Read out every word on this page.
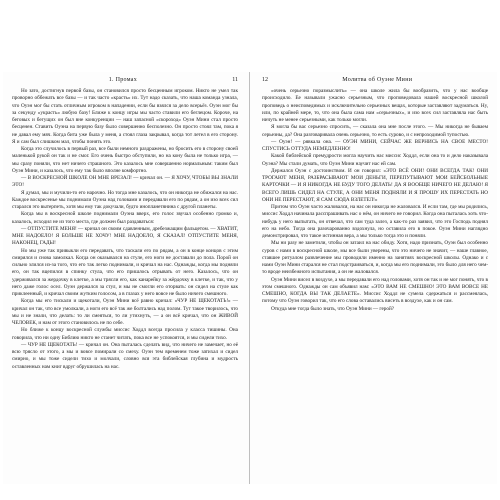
1. Промах	11

Но зато, достигнув первой базы, он становился просто бесценным игроком. Никто не умел так проворно оббежать все базы — и так часто «красть» их. Тут надо сказать, что наша команда узнала, что Оуэн мог бы стать отличным игроком в нападении, если бы взялся за дело всерьёз. Оуэн мог бы за секунду «украсть» любую базу! Ближе к концу игры мы часто ставили его беглецом. Короче, на беговых и бегущих он был вне конкуренции — наш запасной «скороход» Оуэн Мини стал просто бесценен. Ставить Оуэна на первую базу было совершенно бесполезно. Он просто стоял там, пока я не давал ему мяч. Когда бита уже была у меня, а стоял глаза закрывал, когда тот летел в его сторону. Я и сам был слишком мал, чтобы понять это.

Когда это случилось в первый раз, все были немного раздражены, но бросить его в сторону своей маленькой рукой он так и не смог. Его очень быстро обступили, но на кону была не только игра, — мы сразу поняли, что нет ничего страшного. Это казалось мне совершенно нормальным: таким был Оуэн Мини, и казалось, что ему так было вполне комфортно.

— В ВОСКРЕСНОЙ ШКОЛЕ ОН МНЕ ВРЕЗАЛ! — кричал он. — Я ХОЧУ, ЧТОБЫ ВЫ ЗНАЛИ ЭТО!

Я думал, мы и мучили-то его нарочно. Но тогда мне казалось, что он никогда не обижался на нас. Каждое воскресенье мы поднимали Оуэна над головами и передавали его по рядам, а он изо всех сил старался это вытерпеть, хотя мы ему так докучали, будто инопланетянина с другой планеты.

Когда мы в воскресной школе поднимали Оуэна вверх, его голос звучал особенно громко и, казалось, исходил не из того места, где должен был раздаваться:

— ОТПУСТИТЕ МЕНЯ! — кричал он своим сдавленным, дребезжащим фальцетом. — ХВАТИТ, МНЕ НАДОЕЛО! Я БОЛЬШЕ НЕ ХОЧУ! МНЕ НАДОЕЛО, Я СКАЗАЛ! ОТПУСТИТЕ МЕНЯ, НАКОНЕЦ, ГАДЫ!

Но мы уже так привыкли его передавать, что таскали его по рядам, а он в конце концов с этим смирялся и снова замолкал. Когда он оказывался на стуле, его ноги не доставали до пола. Порой он сильно злился из-за того, что его так легко поднимали, и кричал на нас. Однажды, когда мы подняли его, он так вцепился в спинку стула, что его пришлось отрывать от него. Казалось, что он удерживался за жердочку в клетке, а мы трясли его, как канарейку за жёрдочку в клетке, и так, что у него даже голос осел. Оуэн держался за стул, и мы не смогли его оторвать: он сидел на стуле как приклеенный, и кричал своим жутким голосом, а в глазах у него вовсе не было ничего смешного.

Когда мы его тискали и щекотали, Оуэн Мини всё равно кричал: «ЧУР НЕ ЩЕКОТАТЬ!» — кричал он так, что все умолкали, а ноги его всё так же болтались над полом. Тут такое творилось, что мы и не знали, что делать: то ли смеяться, то ли утихнуть, — а он всё кричал, что он ЖИВОЙ ЧЕЛОВЕК, и нам от этого становилось не по себе.

Но ближе к концу воскресной службы миссис Ходдл всегда просила у класса тишины. Она говорила, что ни одну Библию никто не станет читать, пока все не успокоятся, и мы сидели тихо.

— ЧУР НЕ ЩЕКОТАТЬ! — кричал он. Она пыталась сделать вид, что ничего не замечает, но её всю трясло от этого, а мы и вовсе помирали со смеху. Оуэн тем временем тоже затихал и сидел смирно, и мы тоже сидели тихо и молчали, словно вся эта библейская глубина и мудрость оставленных нам книг вдруг обрушилась на нас.

12	Молитва об Оуэне Мини

«очень серьезно поразмыслить» — она школе жила бы вообразить, что у нас вообще происходило. Ее называли ужасно серьезным, что проповедовала нашей воскресной школой проповедь о неисповедимых и исключительно серьезных вещах, которые заставляют задуматься. Ну, или, по крайней мере, то, что она была сама нам «серьезных», и изо всех сил заставляла нас быть ничуть не менее серьезными, как только могли.

Я могла бы вас серьезно спросить, — сказала она мне после этого. — Мы никогда не бываем серьезны, да? Она разговаривала очень серьезно, то есть сурово, и с непроходимой тупостью.

— Оуэн! — рявкала она. — ОУЭН МИНИ, СЕЙЧАС ЖЕ ВЕРНИСЬ НА СВОЕ МЕСТО! СПУСТИСЬ ОТТУДА НЕМЕДЛЕННО!

Какой библейской премудрости могла научить нас миссис Ходдл, если она то и дело наказывала Оуэна? Мы стали думать, что Оуэн Мини научит нас ей сам.

Держался Оуэн с достоинством. И он говорил: «ЭТО ВСЁ ОНИ! ОНИ ВСЕГДА ТАК! ОНИ ТРОГАЮТ МЕНЯ, РАЗБРАСЫВАЮТ МОИ ДЕНЬГИ, ПЕРЕПУТЫВАЮТ МОИ БЕЙСБОЛЬНЫЕ КАРТОЧКИ — И Я НИКОГДА НЕ БУДУ ТОГО ДЕЛАТЬ! ДА Я ВООБЩЕ НИЧЕГО НЕ ДЕЛАЮ! Я ВСЕГО ЛИШЬ СИДЕЛ НА СТУЛЕ, А ОНИ МЕНЯ ПОДНЯЛИ И Я ПРОШУ ИХ ПЕРЕСТАТЬ НО ОНИ НЕ ПЕРЕСТАЮТ, Я САМ СЮДА ВЗЛЕТЕЛ!»

Притом что Оуэн часто жаловался, на нас он никогда не жаловался. И если там, где мы родились, миссис Ходдл начинала расспрашивать нас о нём, он ничего не говорил. Когда она пыталась хоть что-нибудь у него выпытать, он отвечал, что сам туда залез, а как-то раз заявил, что это Господь поднял его на небо. Тогда она разочарованно вздохнула, но оставила его в покое. Оуэн Мини наглядно демонстрировал, что такое истинная вера, а мы только тогда это и поняли.

Мы ни разу не заметили, чтобы он затаил на нас обиду. Хотя, надо признать, Оуэн был особенно суров с нами в воскресной школе, мы все были уверены, что это ничего не значит, — наше главное, ставшее ритуалом развлечение мы проводили именно на занятиях воскресной школы. Однако и с нами Оуэн Мини старался не стал подстраиваться, и, когда мы его поднимали, это было для него чем-то вроде неизбежного испытания, а он не жаловался.

Оуэн Мини висел в воздухе, а мы передавали его над головами, хотя он так и не мог понять, что в этом смешного. Однажды он сам объявил нам: «ЭТО ВАМ НЕ СМЕШНО! ЭТО ВАМ ВОВСЕ НЕ СМЕШНО, КОГДА ВЫ ТАК ДЕЛАЕТЕ». Миссис Ходдл не сумела сдержаться и рассмеялась, потому что Оуэн говорил так, что его слова оставались висеть в воздухе, как и он сам.

Откуда мне тогда было знать, что Оуэн Мини — герой?
